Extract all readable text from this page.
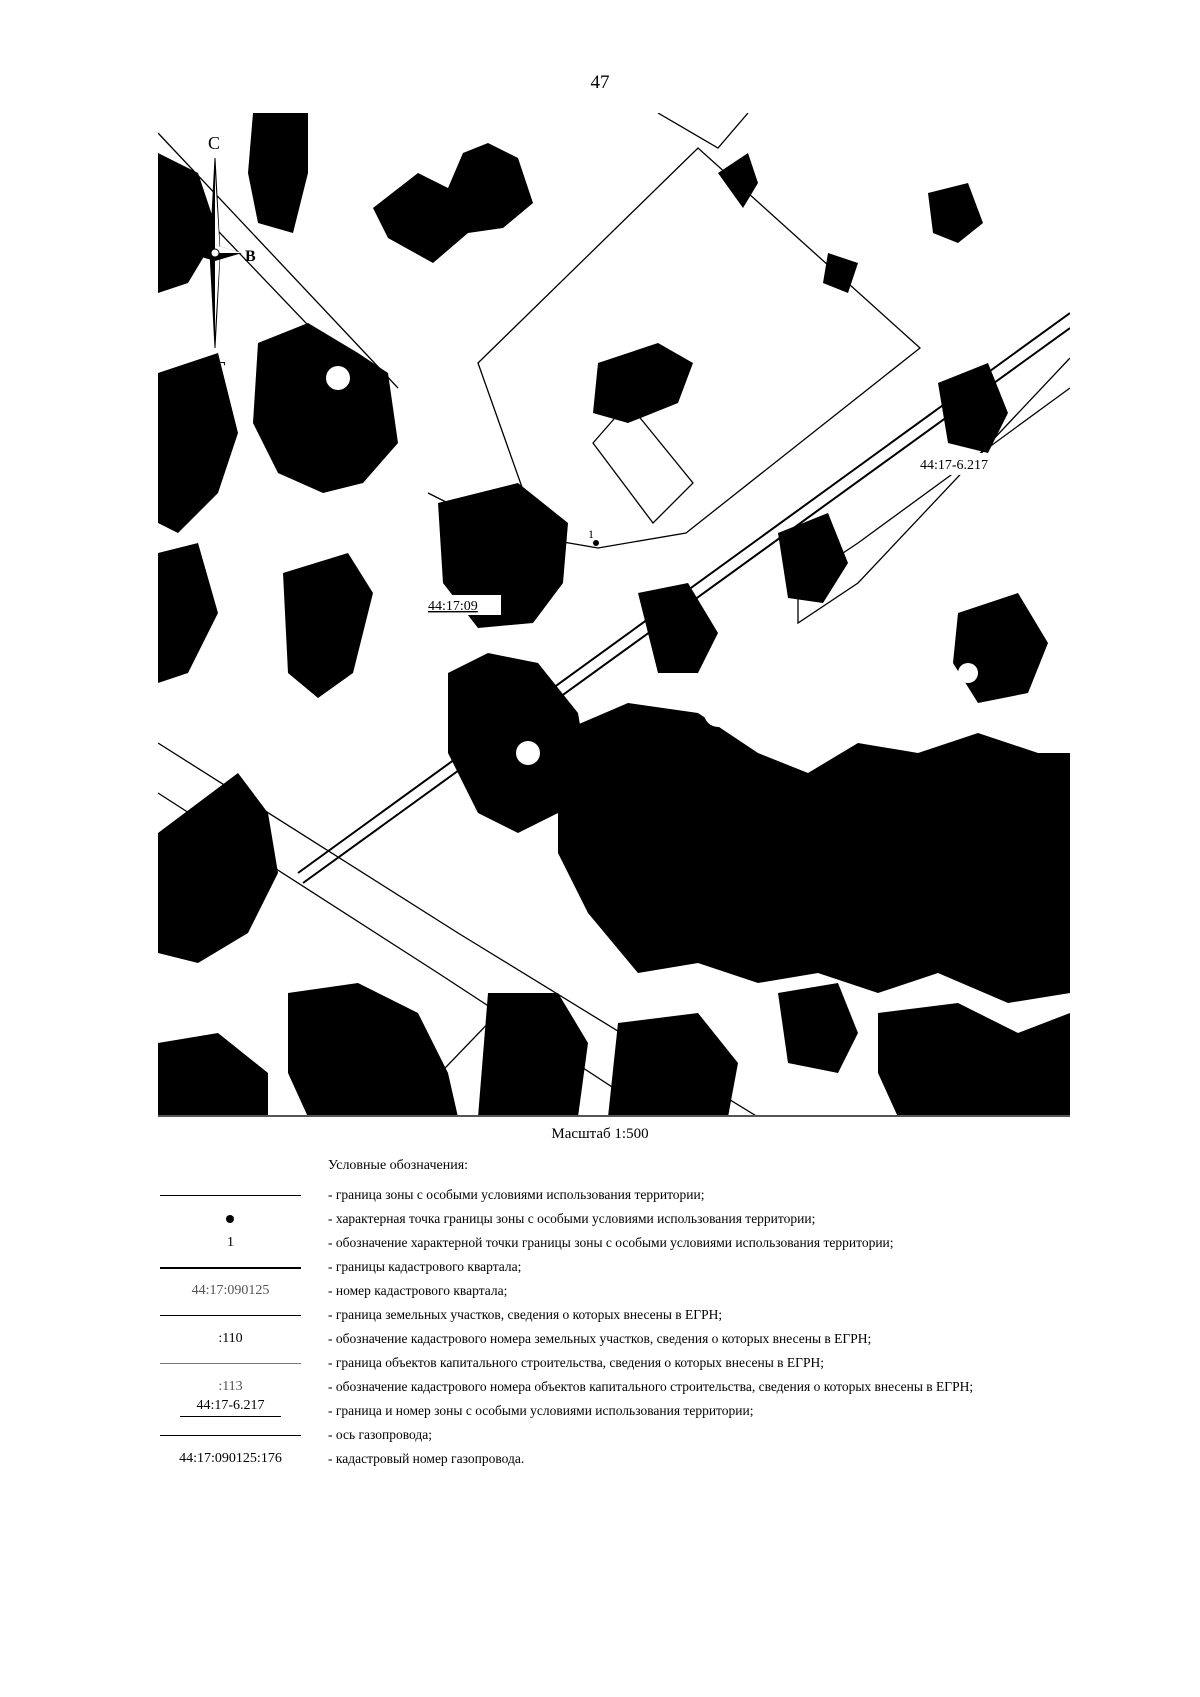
47
С
З	В
ЮГ
44:17-6.217
44:17:09
1
Масштаб 1:500
Условные обозначения:
- граница зоны с особыми условиями использования территории;
- характерная точка границы зоны с особыми условиями использования территории;
1	- обозначение характерной точки границы зоны с особыми условиями использования территории;
- границы кадастрового квартала;
44:17:090125	- номер кадастрового квартала;
- граница земельных участков, сведения о которых внесены в ЕГРН;
:110	- обозначение кадастрового номера земельных участков, сведения о которых внесены в ЕГРН;
- граница объектов капитального строительства, сведения о которых внесены в ЕГРН;
:113	- обозначение кадастрового номера объектов капитального строительства, сведения о которых внесены в ЕГРН;
44:17-6.217	- граница и номер зоны с особыми условиями использования территории;
- ось газопровода;
44:17:090125:176	- кадастровый номер газопровода.
